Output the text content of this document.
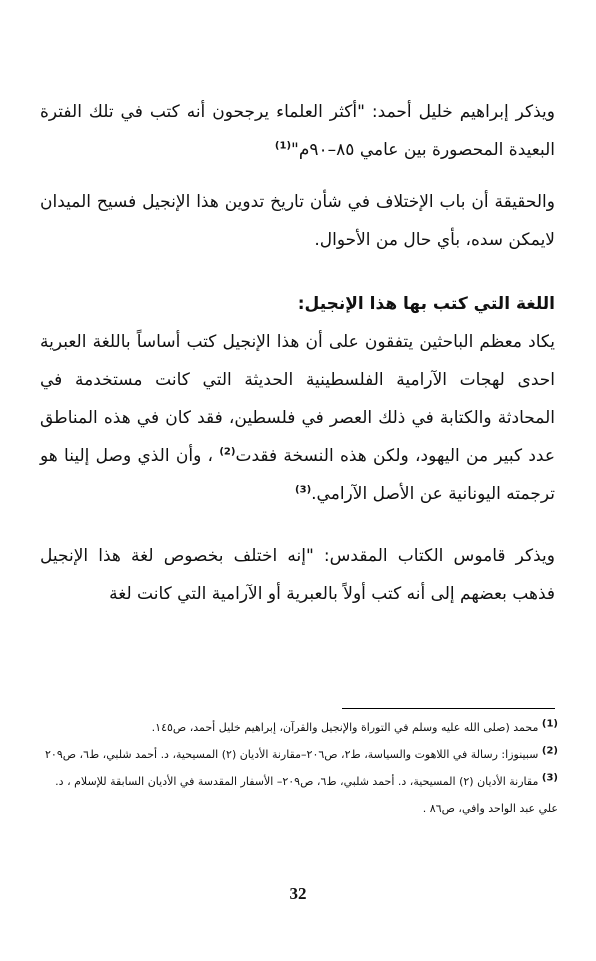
ويذكر إبراهيم خليل أحمد: "أكثر العلماء يرجحون أنه كتب في تلك الفترة البعيدة المحصورة بين عامي ٨٥–٩٠م"$^{(1)}$

والحقيقة أن باب الإختلاف في شأن تاريخ تدوين هذا الإنجيل فسيح الميدان لايمكن سده، بأي حال من الأحوال.

اللغة التي كتب بها هذا الإنجيل:

يكاد معظم الباحثين يتفقون على أن هذا الإنجيل كتب أساساً باللغة العبرية احدى لهجات الآرامية الفلسطينية الحديثة التي كانت مستخدمة في المحادثة والكتابة في ذلك العصر في فلسطين، فقد كان في هذه المناطق عدد كبير من اليهود، ولكن هذه النسخة فقدت$^{(2)}$ ، وأن الذي وصل إلينا هو ترجمته اليونانية عن الأصل الآرامي.$^{(3)}$

ويذكر قاموس الكتاب المقدس: "إنه اختلف بخصوص لغة هذا الإنجيل فذهب بعضهم إلى أنه كتب أولاً بالعبرية أو الآرامية التي كانت لغة

$^{(1)}$ محمد (صلى الله عليه وسلم في التوراة والإنجيل والقرآن، إبراهيم خليل أحمد، ص١٤٥.

$^{(2)}$ سبينوزا: رسالة في اللاهوت والسياسة، ط٢، ص٢٠٦–مقارنة الأديان (٢) المسيحية، د. أحمد شلبي، ط٦، ص٢٠٩

$^{(3)}$ مقارنة الأديان (٢) المسيحية، د. أحمد شلبي، ط٦، ص٢٠٩– الأسفار المقدسة في الأديان السابقة للإسلام ، د. علي عبد الواحد وافي، ص٨٦ .

32
